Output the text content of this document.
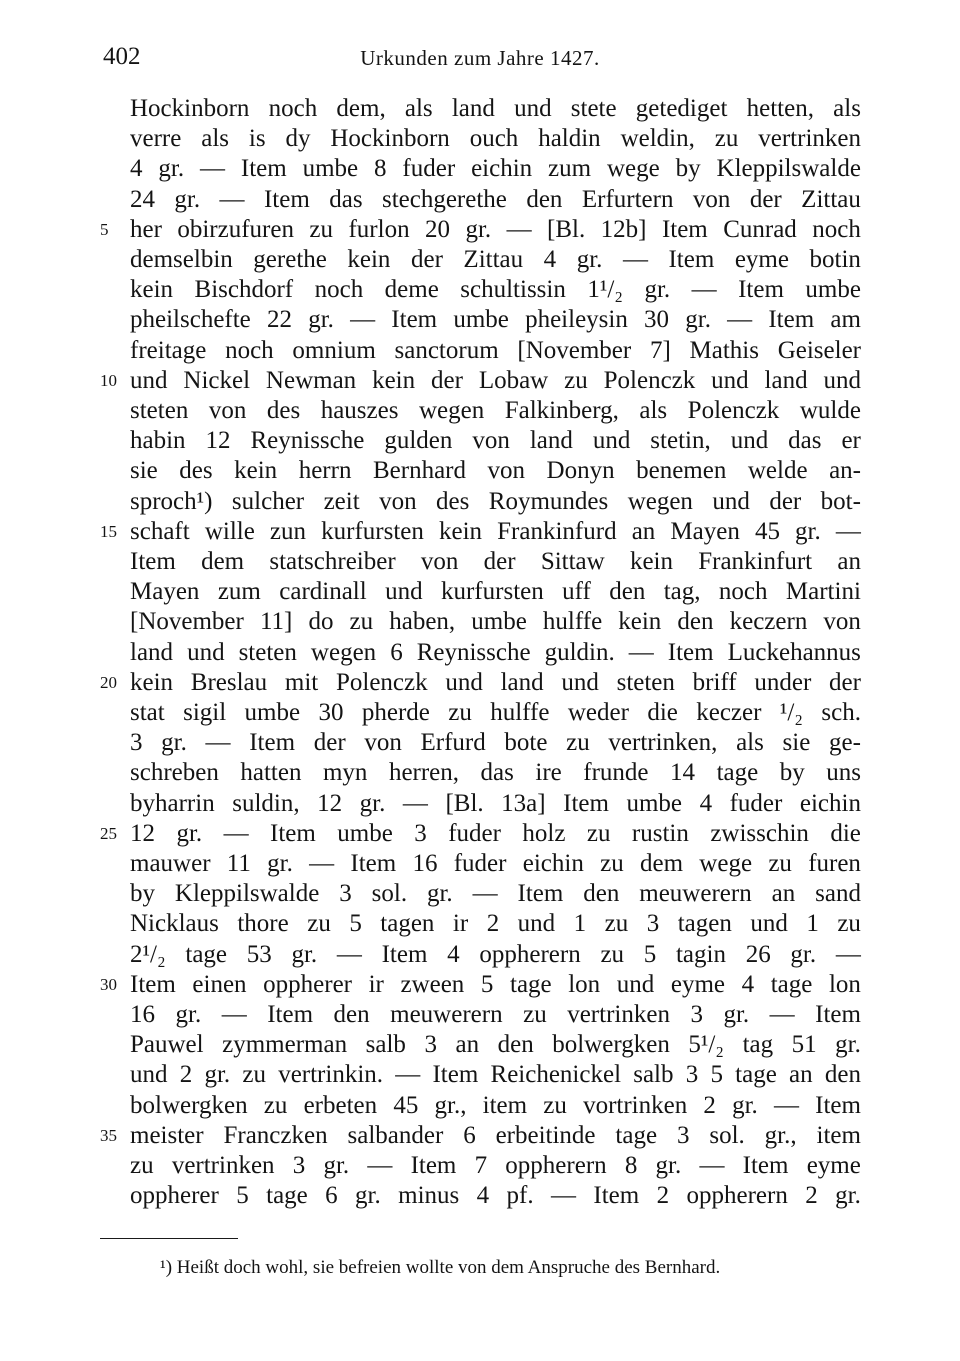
402	Urkunden zum Jahre 1427.
Hockinborn noch dem, als land und stete getediget hetten, als
verre als is dy Hockinborn ouch haldin weldin, zu vertrinken
4 gr. — Item umbe 8 fuder eichin zum wege by Kleppilswalde
24 gr. — Item das stechgerethe den Erfurtern von der Zittau
5 her obirzufuren zu furlon 20 gr. — [Bl. 12b] Item Cunrad noch
demselbin gerethe kein der Zittau 4 gr. — Item eyme botin
kein Bischdorf noch deme schultissin 1¹/₂ gr. — Item umbe
pheilschefte 22 gr. — Item umbe pheileysin 30 gr. — Item am
freitage noch omnium sanctorum [November 7] Mathis Geiseler
10 und Nickel Newman kein der Lobaw zu Polenczk und land und
steten von des hauszes wegen Falkinberg, als Polenczk wulde
habin 12 Reynissche gulden von land und stetin, und das er
sie des kein herrn Bernhard von Donyn benemen welde an-
sproch¹) sulcher zeit von des Roymundes wegen und der bot-
15 schaft wille zun kurfursten kein Frankinfurd an Mayen 45 gr. —
Item dem statschreiber von der Sittaw kein Frankinfurt an
Mayen zum cardinall und kurfursten uff den tag, noch Martini
[November 11] do zu haben, umbe hulffe kein den keczern von
land und steten wegen 6 Reynissche guldin. — Item Luckehannus
20 kein Breslau mit Polenczk und land und steten briff under der
stat sigil umbe 30 pherde zu hulffe weder die keczer ¹/₂ sch.
3 gr. — Item der von Erfurd bote zu vertrinken, als sie ge-
schreben hatten myn herren, das ire frunde 14 tage by uns
byharrin suldin, 12 gr. — [Bl. 13a] Item umbe 4 fuder eichin
25 12 gr. — Item umbe 3 fuder holz zu rustin zwisschin die
mauwer 11 gr. — Item 16 fuder eichin zu dem wege zu furen
by Kleppilswalde 3 sol. gr. — Item den meuwerern an sand
Nicklaus thore zu 5 tagen ir 2 und 1 zu 3 tagen und 1 zu
2¹/₂ tage 53 gr. — Item 4 oppherern zu 5 tagin 26 gr. —
30 Item einen oppherer ir zween 5 tage lon und eyme 4 tage lon
16 gr. — Item den meuwerern zu vertrinken 3 gr. — Item
Pauwel zymmerman salb 3 an den bolwergken 5¹/₂ tag 51 gr.
und 2 gr. zu vertrinkin. — Item Reichenickel salb 3 5 tage an den
bolwergken zu erbeten 45 gr., item zu vortrinken 2 gr. — Item
35 meister Franczken salbander 6 erbeitinde tage 3 sol. gr., item
zu vertrinken 3 gr. — Item 7 oppherern 8 gr. — Item eyme
oppherer 5 tage 6 gr. minus 4 pf. — Item 2 oppherern 2 gr.
¹) Heißt doch wohl, sie befreien wollte von dem Anspruche des Bernhard.
